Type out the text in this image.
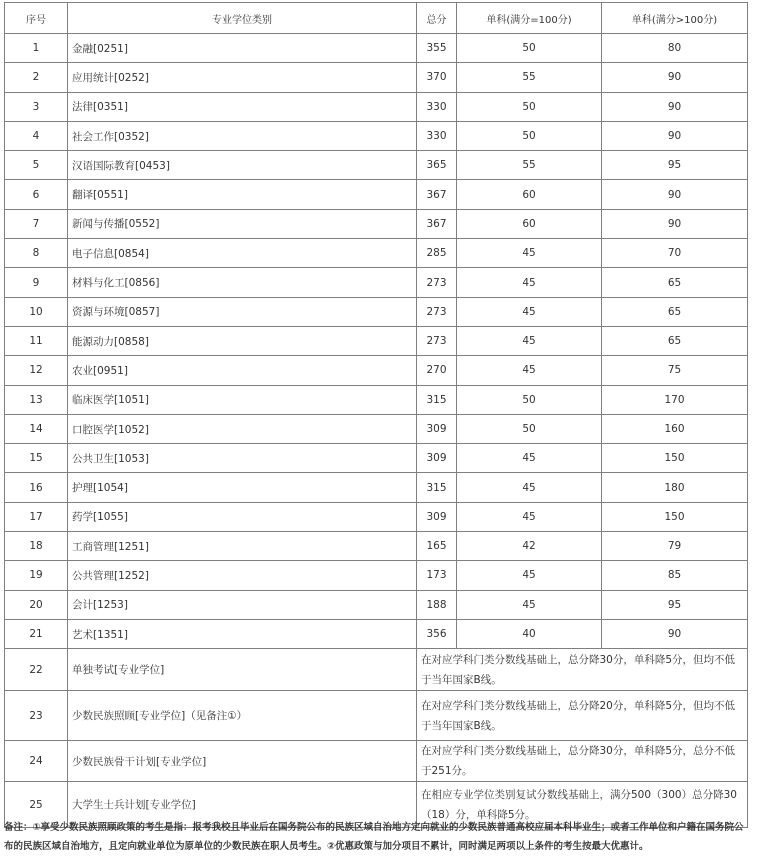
序号	专业学位类别	总分	单科(满分=100分)	单科(满分>100分)
1	金融[0251]	355	50	80
2	应用统计[0252]	370	55	90
3	法律[0351]	330	50	90
4	社会工作[0352]	330	50	90
5	汉语国际教育[0453]	365	55	95
6	翻译[0551]	367	60	90
7	新闻与传播[0552]	367	60	90
8	电子信息[0854]	285	45	70
9	材料与化工[0856]	273	45	65
10	资源与环境[0857]	273	45	65
11	能源动力[0858]	273	45	65
12	农业[0951]	270	45	75
13	临床医学[1051]	315	50	170
14	口腔医学[1052]	309	50	160
15	公共卫生[1053]	309	45	150
16	护理[1054]	315	45	180
17	药学[1055]	309	45	150
18	工商管理[1251]	165	42	79
19	公共管理[1252]	173	45	85
20	会计[1253]	188	45	95
21	艺术[1351]	356	40	90
22	单独考试[专业学位]	在对应学科门类分数线基础上，总分降30分，单科降5分，但均不低于当年国家B线。		
23	少数民族照顾[专业学位]（见备注①）	在对应学科门类分数线基础上，总分降20分，单科降5分，但均不低于当年国家B线。		
24	少数民族骨干计划[专业学位]	在对应学科门类分数线基础上，总分降30分，单科降5分，总分不低于251分。		
25	大学生士兵计划[专业学位]	在相应专业学位类别复试分数线基础上，满分500（300）总分降30（18）分，单科降5分。		
备注：①享受少数民族照顾政策的考生是指：报考我校且毕业后在国务院公布的民族区域自治地方定向就业的少数民族普通高校应届本科毕业生；或者工作单位和户籍在国务院公布的民族区域自治地方，且定向就业单位为原单位的少数民族在职人员考生。②优惠政策与加分项目不累计，同时满足两项以上条件的考生按最大优惠计。
